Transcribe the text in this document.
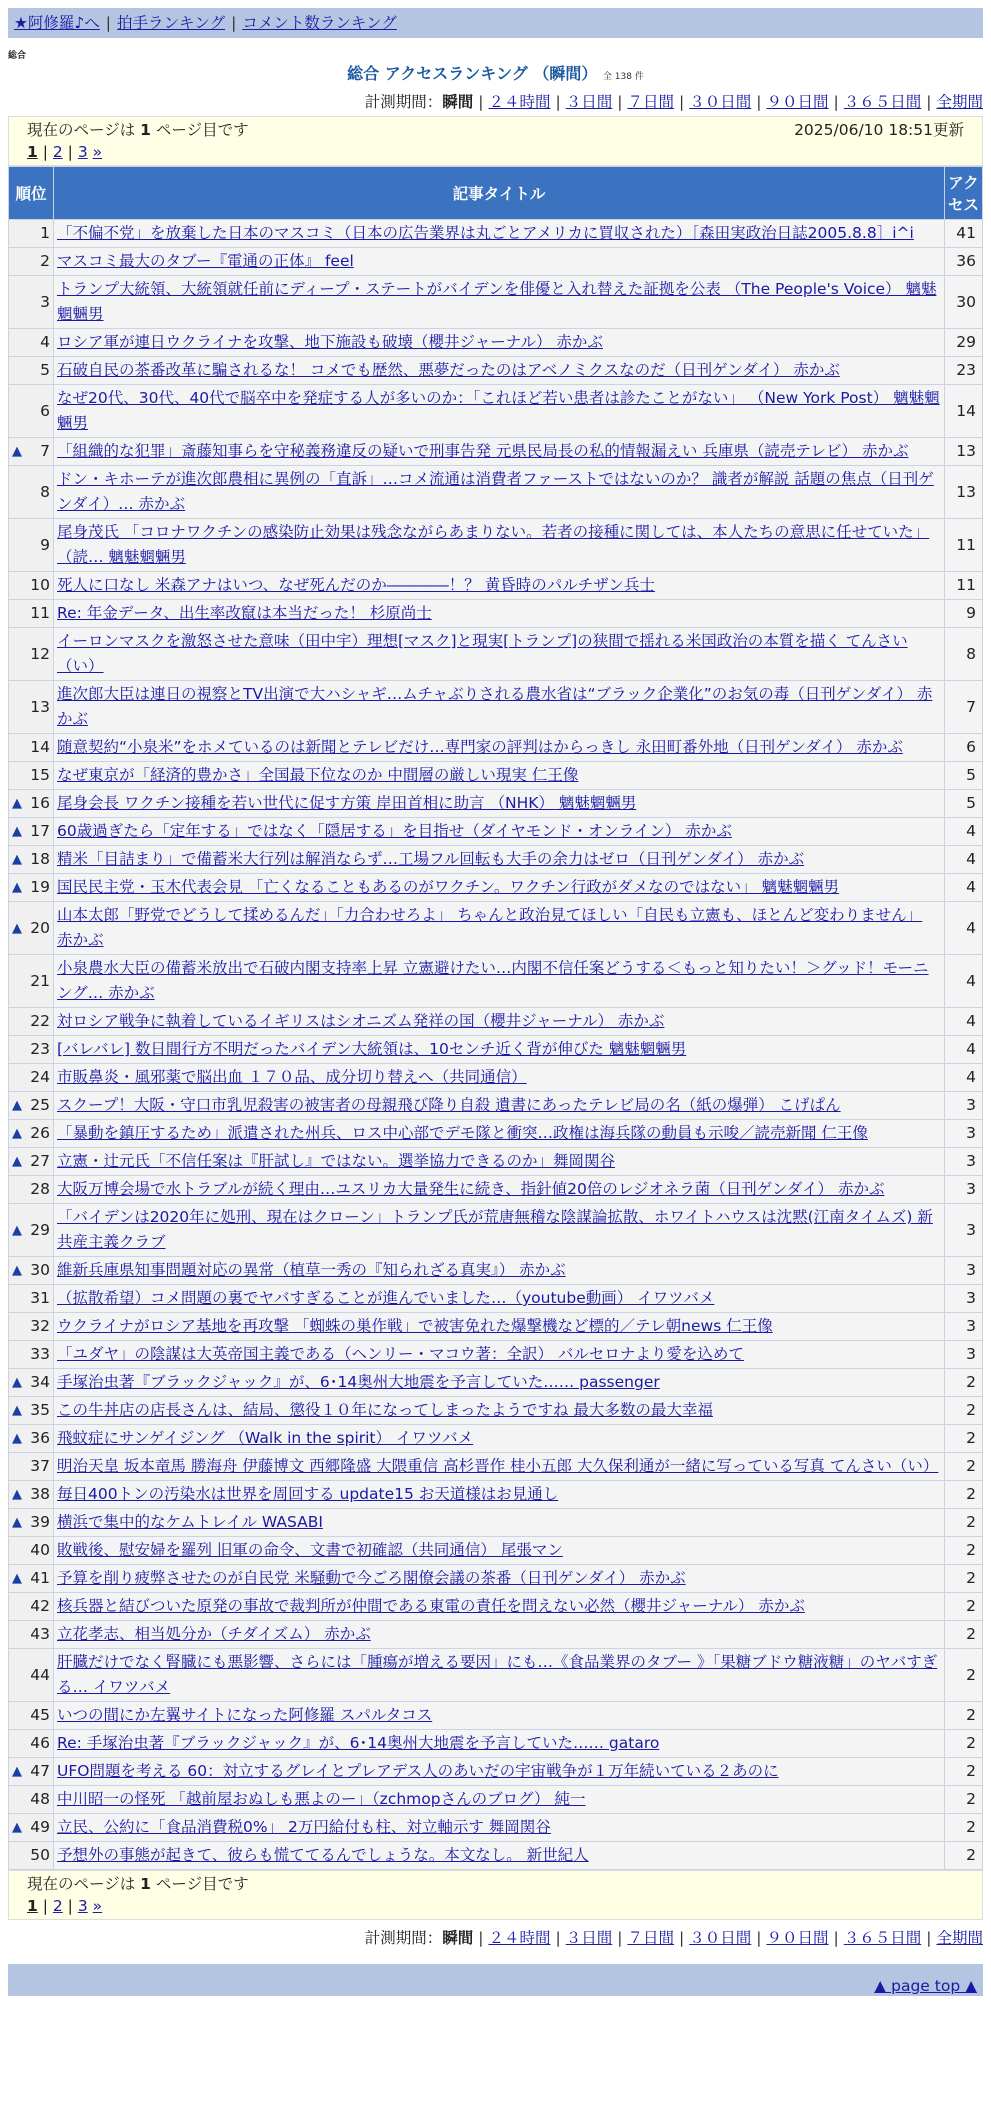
★阿修羅♪へ | 拍手ランキング | コメント数ランキング
総合
総合 アクセスランキング （瞬間） 全 138 件
計測期間：瞬間 | ２４時間 | ３日間 | ７日間 | ３０日間 | ９０日間 | ３６５日間 | 全期間
現在のページは 1 ページ目です	2025/06/10 18:51更新
1 | 2 | 3 »
順位	記事タイトル	アクセス
1	「不偏不党」を放棄した日本のマスコミ（日本の広告業界は丸ごとアメリカに買収された）［森田実政治日誌2005.8.8］i^i	41
2	マスコミ最大のタブー『電通の正体』 feel	36
3	トランプ大統領、大統領就任前にディープ・ステートがバイデンを俳優と入れ替えた証拠を公表 （The People's Voice） 魑魅魍魎男	30
4	ロシア軍が連日ウクライナを攻撃、地下施設も破壊（櫻井ジャーナル） 赤かぶ	29
5	石破自民の茶番改革に騙されるな！ コメでも歴然、悪夢だったのはアベノミクスなのだ（日刊ゲンダイ） 赤かぶ	23
6	なぜ20代、30代、40代で脳卒中を発症する人が多いのか：「これほど若い患者は診たことがない」 （New York Post） 魑魅魍魎男	14

▲ 7	「組織的な犯罪」斎藤知事らを守秘義務違反の疑いで刑事告発 元県民局長の私的情報漏えい 兵庫県（読売テレビ） 赤かぶ	13
8	ドン・キホーテが進次郎農相に異例の「直訴」…コメ流通は消費者ファーストではないのか？ 識者が解説 話題の焦点（日刊ゲンダイ）… 赤かぶ	13
9	尾身茂氏 「コロナワクチンの感染防止効果は残念ながらあまりない。若者の接種に関しては、本人たちの意思に任せていた」 （読… 魑魅魍魎男	11
10	死人に口なし 米森アナはいつ、なぜ死んだのか――――！？ 黄昏時のパルチザン兵士	11
11	Re: 年金データ、出生率改竄は本当だった！ 杉原尚士	9
12	イーロンマスクを激怒させた意味（田中宇）理想[マスク]と現実[トランプ]の狭間で揺れる米国政治の本質を描く てんさい（い）	8
13	進次郎大臣は連日の視察とTV出演で大ハシャギ…ムチャぶりされる農水省は“ブラック企業化”のお気の毒（日刊ゲンダイ） 赤かぶ	7
14	随意契約“小泉米”をホメているのは新聞とテレビだけ…専門家の評判はからっきし 永田町番外地（日刊ゲンダイ） 赤かぶ	6
15	なぜ東京が「経済的豊かさ」全国最下位なのか 中間層の厳しい現実 仁王像	5

▲ 16	尾身会長 ワクチン接種を若い世代に促す方策 岸田首相に助言 （NHK） 魑魅魍魎男	5

▲ 17	60歳過ぎたら「定年する」ではなく「隠居する」を目指せ（ダイヤモンド・オンライン） 赤かぶ	4

▲ 18	精米「目詰まり」で備蓄米大行列は解消ならず…工場フル回転も大手の余力はゼロ（日刊ゲンダイ） 赤かぶ	4

▲ 19	国民民主党・玉木代表会見 「亡くなることもあるのがワクチン。ワクチン行政がダメなのではない」 魑魅魍魎男	4

▲ 20	山本太郎「野党でどうして揉めるんだ」「力合わせろよ」 ちゃんと政治見てほしい「自民も立憲も、ほとんど変わりません」 赤かぶ	4
21	小泉農水大臣の備蓄米放出で石破内閣支持率上昇 立憲避けたい…内閣不信任案どうする＜もっと知りたい！＞グッド！モーニング… 赤かぶ	4
22	対ロシア戦争に執着しているイギリスはシオニズム発祥の国（櫻井ジャーナル） 赤かぶ	4
23	[バレバレ] 数日間行方不明だったバイデン大統領は、10センチ近く背が伸びた 魑魅魍魎男	4
24	市販鼻炎・風邪薬で脳出血 １７０品、成分切り替えへ（共同通信）	4

▲ 25	スクープ！大阪・守口市乳児殺害の被害者の母親飛び降り自殺 遺書にあったテレビ局の名（紙の爆弾） こげぱん	3

▲ 26	「暴動を鎮圧するため」派遣された州兵、ロス中心部でデモ隊と衝突…政権は海兵隊の動員も示唆／読売新聞 仁王像	3

▲ 27	立憲・辻元氏「不信任案は『肝試し』ではない。選挙協力できるのか」舞岡関谷	3
28	大阪万博会場で水トラブルが続く理由…ユスリカ大量発生に続き、指針値20倍のレジオネラ菌（日刊ゲンダイ） 赤かぶ	3

▲ 29	「バイデンは2020年に処刑、現在はクローン」トランプ氏が荒唐無稽な陰謀論拡散、ホワイトハウスは沈黙(江南タイムズ) 新共産主義クラブ	3

▲ 30	維新兵庫県知事問題対応の異常（植草一秀の『知られざる真実』） 赤かぶ	3
31	（拡散希望）コメ問題の裏でヤバすぎることが進んでいました…（youtube動画） イワツバメ	3
32	ウクライナがロシア基地を再攻撃 「蜘蛛の巣作戦」で被害免れた爆撃機など標的／テレ朝news 仁王像	3
33	「ユダヤ」の陰謀は大英帝国主義である（ヘンリー・マコウ著：全訳） バルセロナより愛を込めて	3

▲ 34	手塚治虫著『ブラックジャック』が、6･14奥州大地震を予言していた…… passenger	2

▲ 35	この牛丼店の店長さんは、結局、懲役１０年になってしまったようですね 最大多数の最大幸福	2

▲ 36	飛蚊症にサンゲイジング （Walk in the spirit） イワツバメ	2
37	明治天皇 坂本竜馬 勝海舟 伊藤博文 西郷隆盛 大隈重信 高杉晋作 桂小五郎 大久保利通が一緒に写っている写真 てんさい（い）	2

▲ 38	毎日400トンの汚染水は世界を周回する update15 お天道様はお見通し	2

▲ 39	横浜で集中的なケムトレイル WASABI	2
40	敗戦後、慰安婦を羅列 旧軍の命令、文書で初確認（共同通信） 尾張マン	2

▲ 41	予算を削り疲弊させたのが自民党 米騒動で今ごろ閣僚会議の茶番（日刊ゲンダイ） 赤かぶ	2
42	核兵器と結びついた原発の事故で裁判所が仲間である東電の責任を問えない必然（櫻井ジャーナル） 赤かぶ	2
43	立花孝志、相当処分か（チダイズム） 赤かぶ	2
44	肝臓だけでなく腎臓にも悪影響、さらには「腫瘍が増える要因」にも…《食品業界のタブー 》「果糖ブドウ糖液糖」のヤバすぎる… イワツバメ	2
45	いつの間にか左翼サイトになった阿修羅 スパルタコス	2
46	Re: 手塚治虫著『ブラックジャック』が、6･14奥州大地震を予言していた…… gataro	2

▲ 47	UFO問題を考える 60：対立するグレイとプレアデス人のあいだの宇宙戦争が１万年続いている２あのに	2
48	中川昭一の怪死 「越前屋おぬしも悪よのー」（zchmopさんのブログ） 純一	2

▲ 49	立民、公約に「食品消費税0%」 2万円給付も柱、対立軸示す 舞岡関谷	2
50	予想外の事態が起きて、彼らも慌ててるんでしょうな。本文なし。 新世紀人	2
現在のページは 1 ページ目です
1 | 2 | 3 »
計測期間：瞬間 | ２４時間 | ３日間 | ７日間 | ３０日間 | ９０日間 | ３６５日間 | 全期間
▲ page top ▲
